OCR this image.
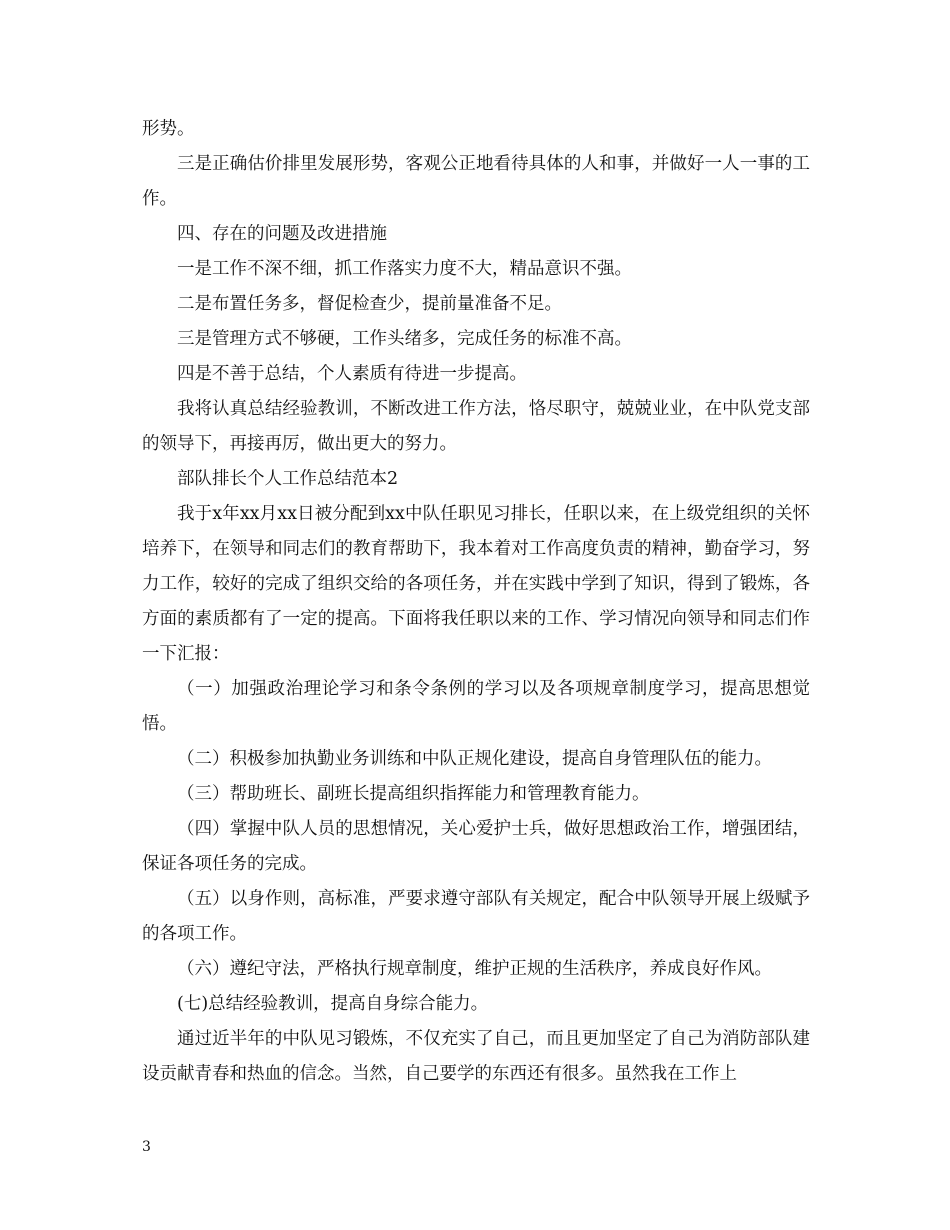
形势。

三是正确估价排里发展形势，客观公正地看待具体的人和事，并做好一人一事的工作。

四、存在的问题及改进措施

一是工作不深不细，抓工作落实力度不大，精品意识不强。

二是布置任务多，督促检查少，提前量准备不足。

三是管理方式不够硬，工作头绪多，完成任务的标准不高。

四是不善于总结，个人素质有待进一步提高。

我将认真总结经验教训，不断改进工作方法，恪尽职守，兢兢业业，在中队党支部的领导下，再接再厉，做出更大的努力。

部队排长个人工作总结范本2

我于x年xx月xx日被分配到xx中队任职见习排长，任职以来，在上级党组织的关怀培养下，在领导和同志们的教育帮助下，我本着对工作高度负责的精神，勤奋学习，努力工作，较好的完成了组织交给的各项任务，并在实践中学到了知识，得到了锻炼，各方面的素质都有了一定的提高。下面将我任职以来的工作、学习情况向领导和同志们作一下汇报：

（一）加强政治理论学习和条令条例的学习以及各项规章制度学习，提高思想觉悟。

（二）积极参加执勤业务训练和中队正规化建设，提高自身管理队伍的能力。

（三）帮助班长、副班长提高组织指挥能力和管理教育能力。

（四）掌握中队人员的思想情况，关心爱护士兵，做好思想政治工作，增强团结，保证各项任务的完成。

（五）以身作则，高标准，严要求遵守部队有关规定，配合中队领导开展上级赋予的各项工作。

（六）遵纪守法，严格执行规章制度，维护正规的生活秩序，养成良好作风。

(七)总结经验教训，提高自身综合能力。

通过近半年的中队见习锻炼，不仅充实了自己，而且更加坚定了自己为消防部队建设贡献青春和热血的信念。当然，自己要学的东西还有很多。虽然我在工作上

3
